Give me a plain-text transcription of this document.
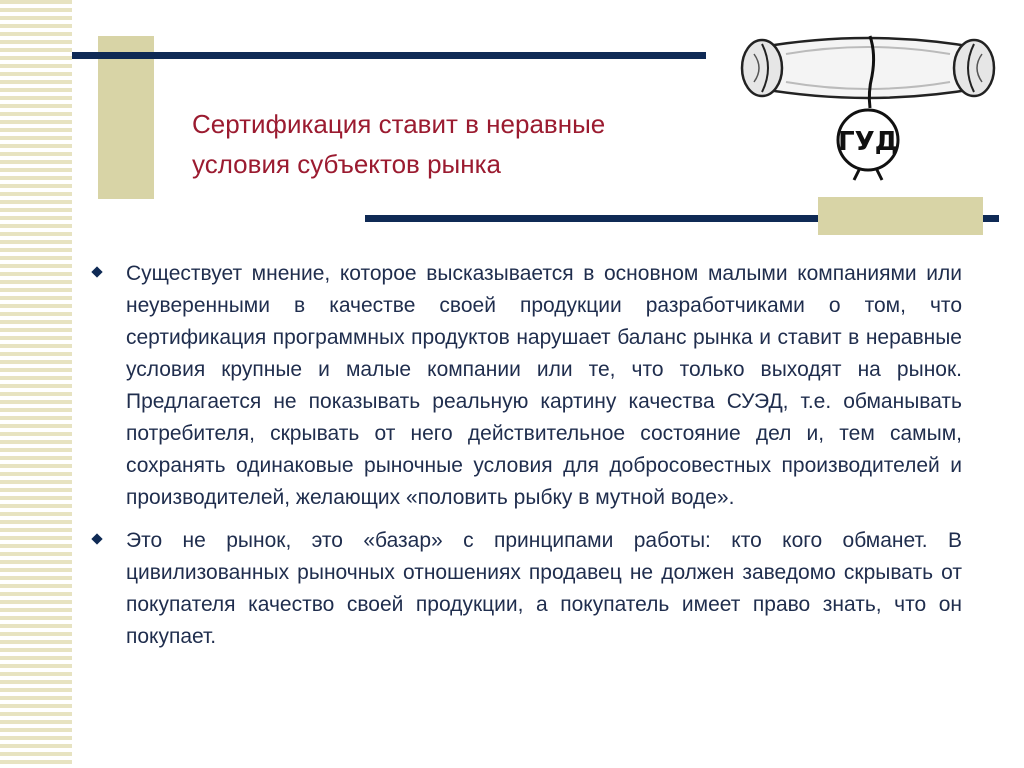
Сертификация ставит в неравные
условия субъектов рынка
ГУД
Существует мнение, которое высказывается в основном малыми компаниями или неуверенными в качестве своей продукции разработчиками о том, что сертификация программных продуктов нарушает баланс рынка и ставит в неравные условия крупные и малые компании или те, что только выходят на рынок. Предлагается не показывать реальную картину качества СУЭД, т.е. обманывать потребителя, скрывать от него действительное состояние дел и, тем самым, сохранять одинаковые рыночные условия для добросовестных производителей и производителей, желающих «половить рыбку в мутной воде».
Это не рынок, это «базар» с принципами работы: кто кого обманет. В цивилизованных рыночных отношениях продавец не должен заведомо скрывать от покупателя качество своей продукции, а покупатель имеет право знать, что он покупает.
